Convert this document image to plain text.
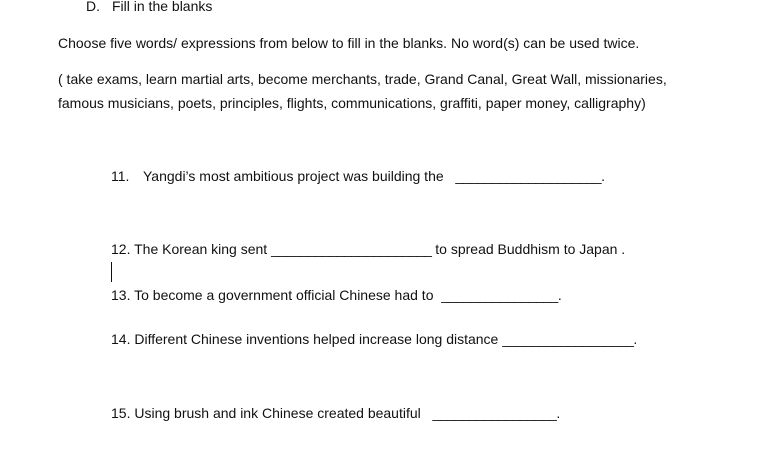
D. Fill in the blanks
Choose five words/ expressions from below to fill in the blanks. No word(s) can be used twice.
( take exams, learn martial arts, become merchants, trade, Grand Canal, Great Wall, missionaries,
famous musicians, poets, principles, flights, communications, graffiti, paper money, calligraphy)
11. Yangdi’s most ambitious project was building the ____________________.
12. The Korean king sent ______________________ to spread Buddhism to Japan .
13. To become a government official Chinese had to ________________.
14. Different Chinese inventions helped increase long distance __________________.
15. Using brush and ink Chinese created beautiful _________________.
